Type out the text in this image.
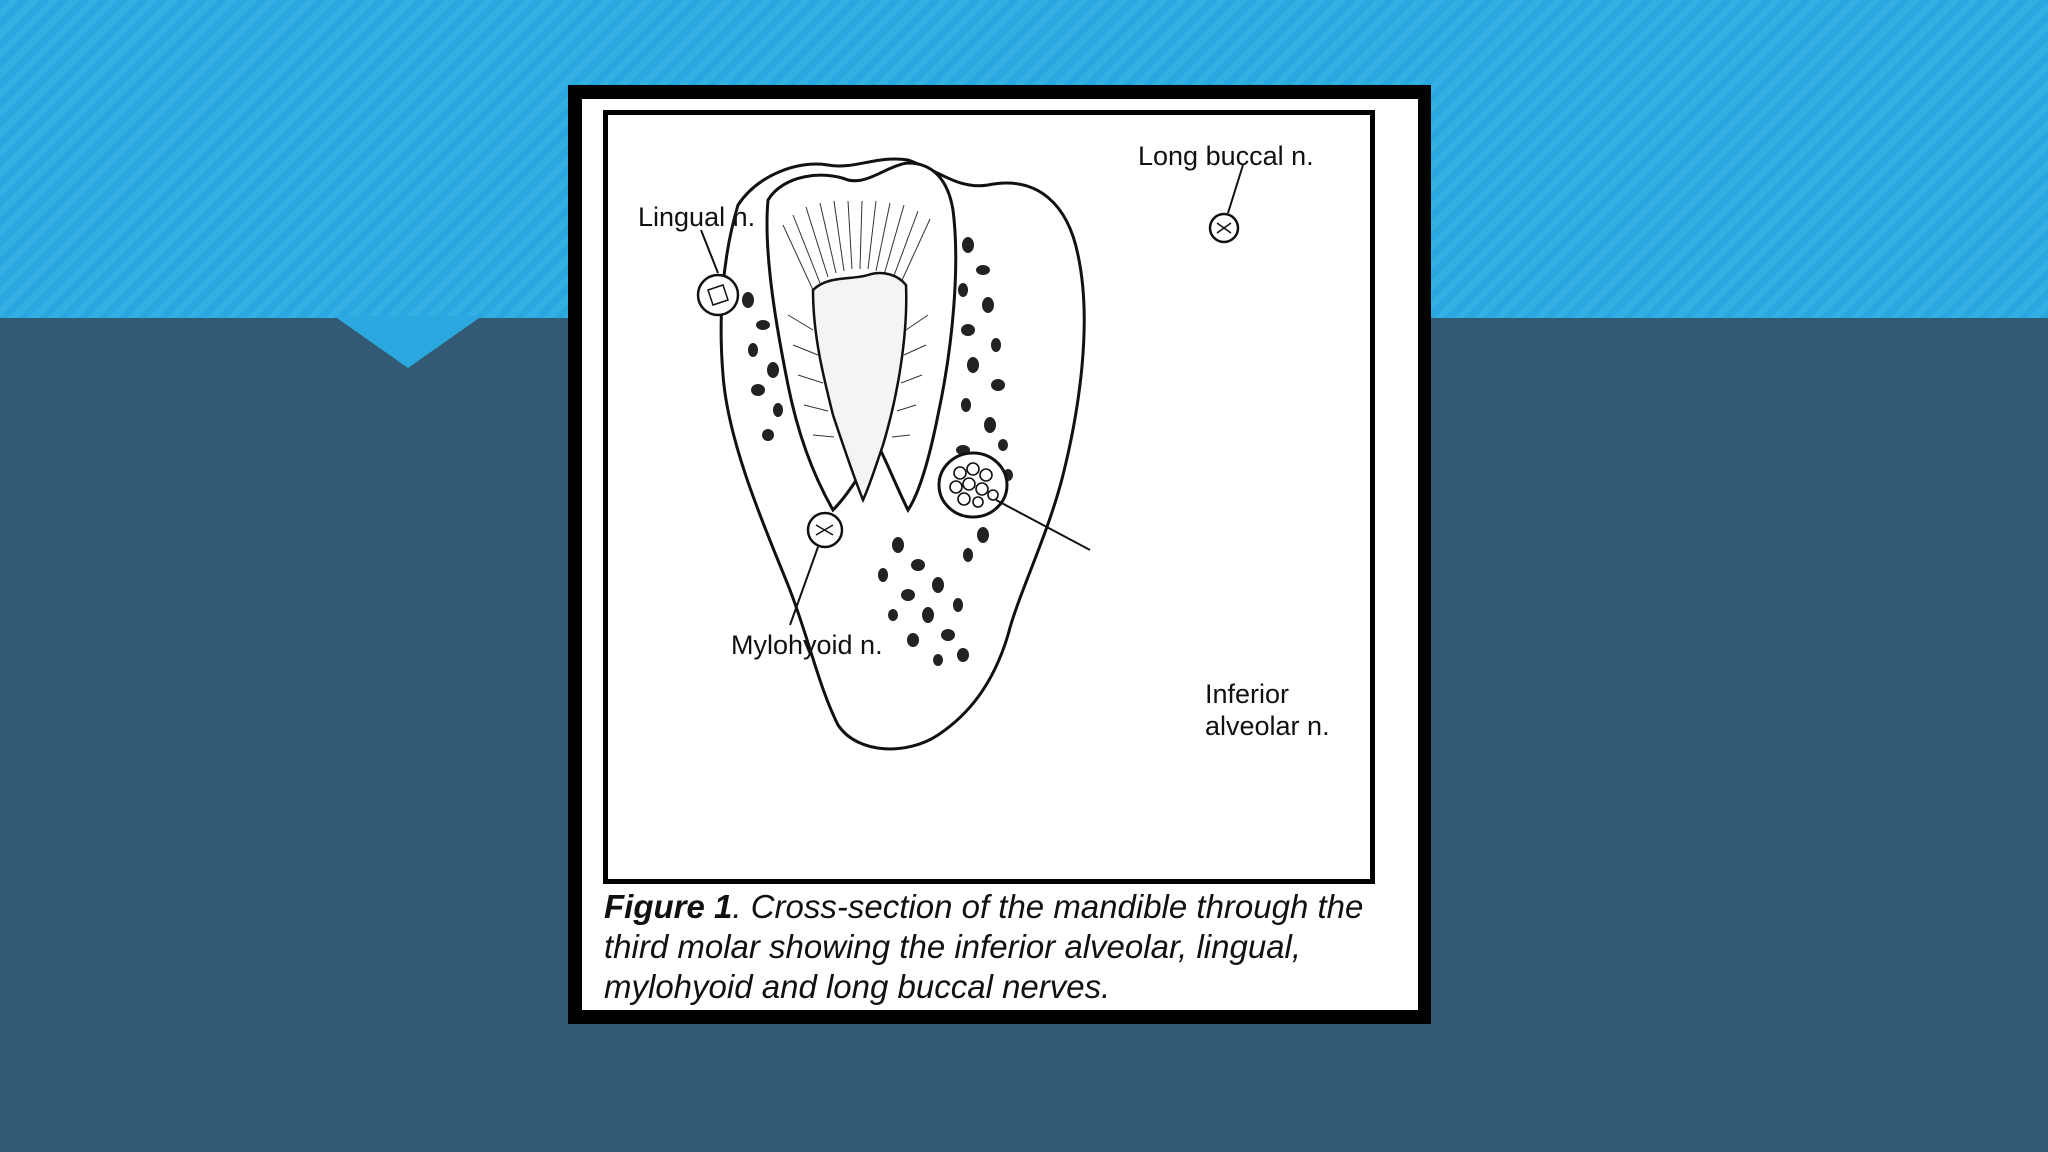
Long buccal n.
Lingual n.
Mylohyoid n.
Inferior
alveolar n.
Figure 1. Cross-section of the mandible through the third molar showing the inferior alveolar, lingual, mylohyoid and long buccal nerves.
